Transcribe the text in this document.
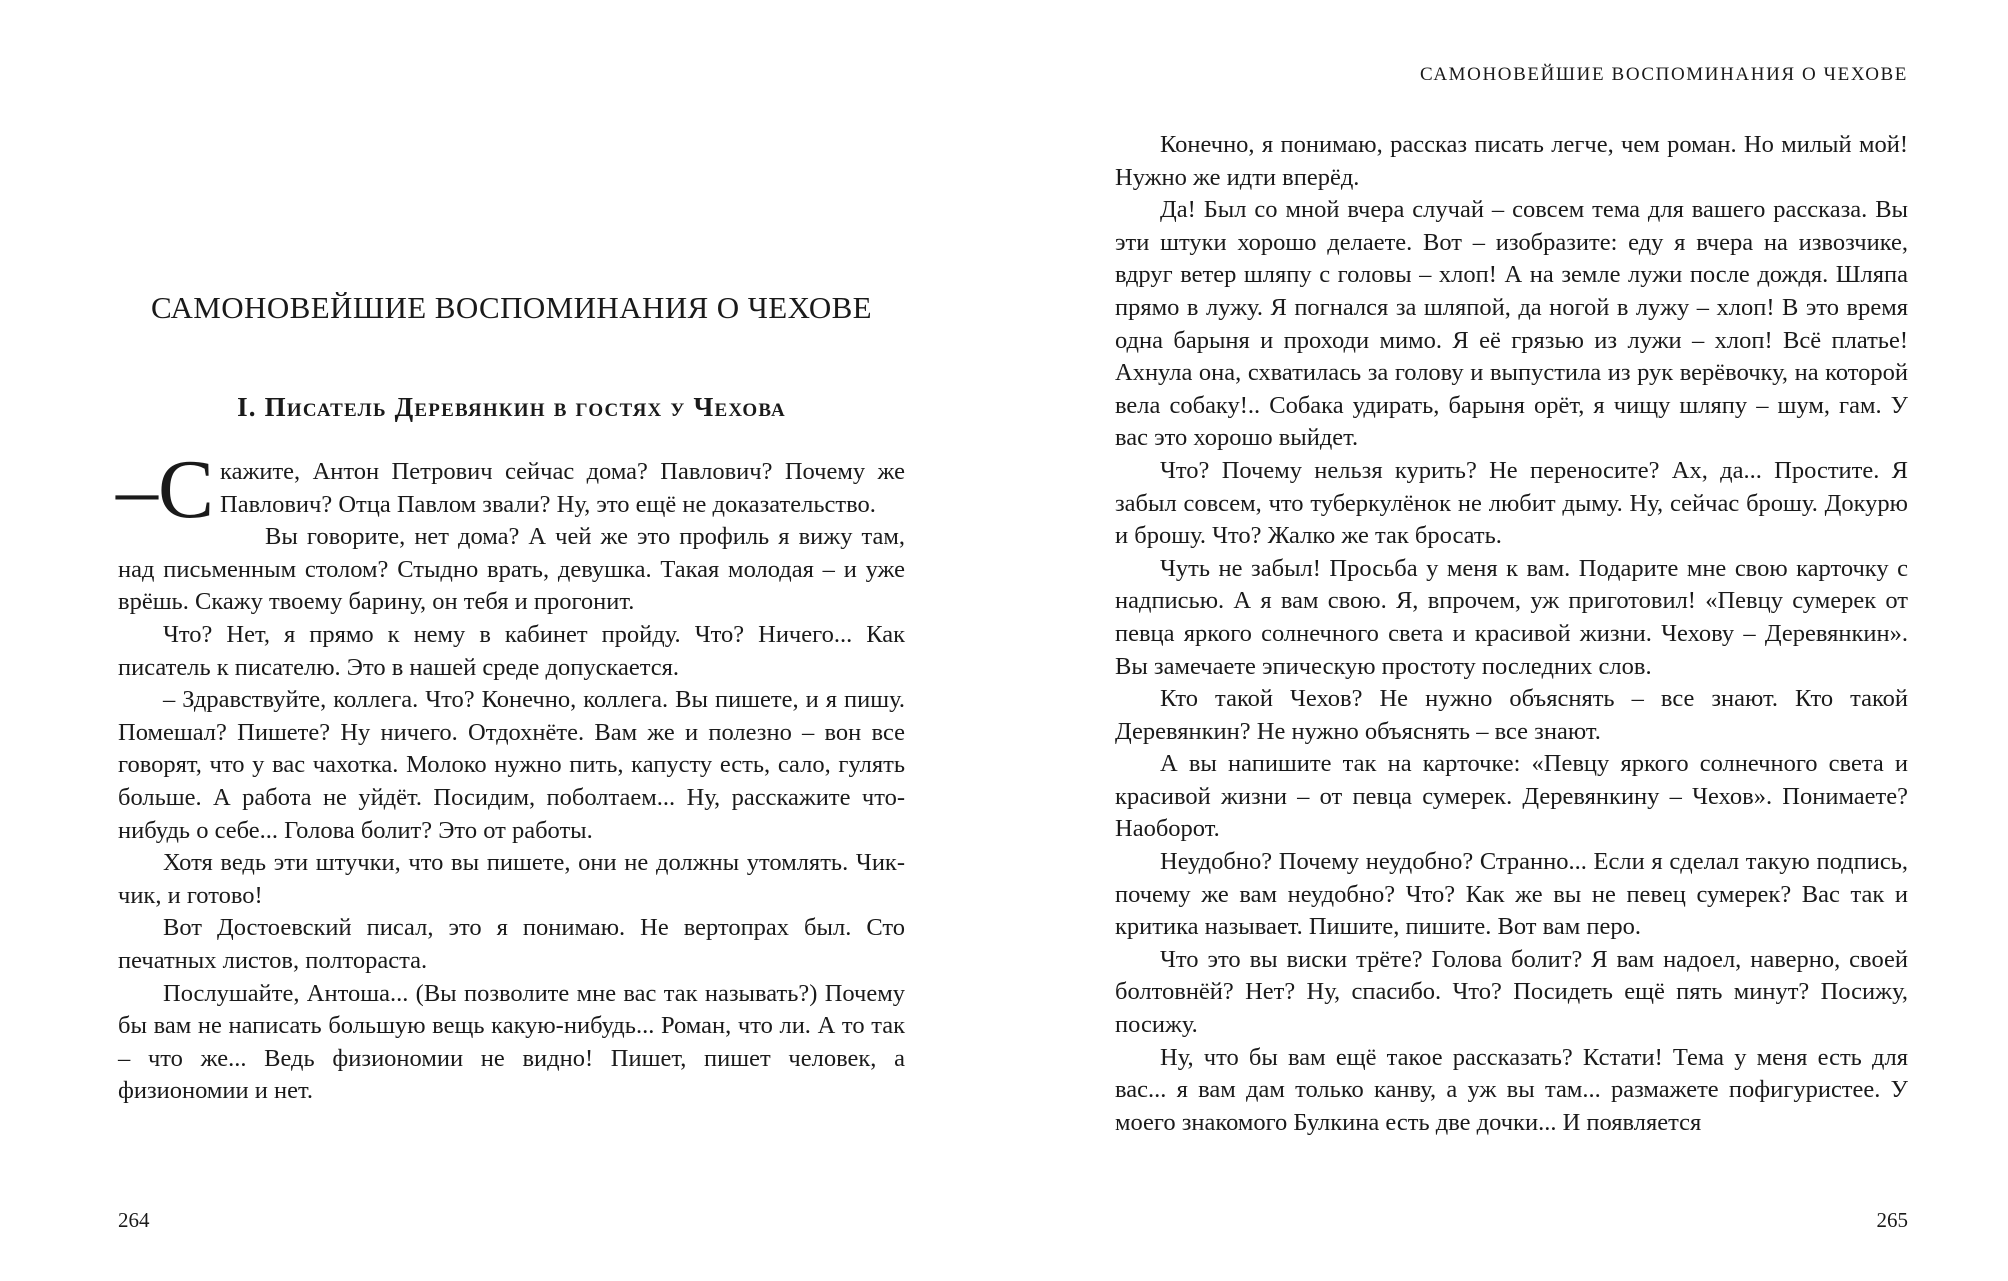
САМОНОВЕЙШИЕ ВОСПОМИНАНИЯ О ЧЕХОВЕ
I. Писатель Деревянкин в гостях у Чехова

–С кажите, Антон Петрович сейчас дома? Павлович? Почему же Павлович? Отца Павлом звали? Ну, это ещё не доказательство.

Вы говорите, нет дома? А чей же это профиль я вижу там, над письменным столом? Стыдно врать, девушка. Такая молодая – и уже врёшь. Скажу твоему барину, он тебя и прогонит.

Что? Нет, я прямо к нему в кабинет пройду. Что? Ничего... Как писатель к писателю. Это в нашей среде допускается.

– Здравствуйте, коллега. Что? Конечно, коллега. Вы пишете, и я пишу. Помешал? Пишете? Ну ничего. Отдохнёте. Вам же и полезно – вон все говорят, что у вас чахотка. Молоко нужно пить, капусту есть, сало, гулять больше. А работа не уйдёт. Посидим, поболтаем... Ну, расскажите что-нибудь о себе... Голова болит? Это от работы.

Хотя ведь эти штучки, что вы пишете, они не должны утомлять. Чик-чик, и готово!

Вот Достоевский писал, это я понимаю. Не вертопрах был. Сто печатных листов, полтораста.

Послушайте, Антоша... (Вы позволите мне вас так называть?) Почему бы вам не написать большую вещь какую-нибудь... Роман, что ли. А то так – что же... Ведь физиономии не видно! Пишет, пишет человек, а физиономии и нет.

264
САМОНОВЕЙШИЕ ВОСПОМИНАНИЯ О ЧЕХОВЕ

Конечно, я понимаю, рассказ писать легче, чем роман. Но милый мой! Нужно же идти вперёд.

Да! Был со мной вчера случай – совсем тема для вашего рассказа. Вы эти штуки хорошо делаете. Вот – изобразите: еду я вчера на извозчике, вдруг ветер шляпу с головы – хлоп! А на земле лужи после дождя. Шляпа прямо в лужу. Я погнался за шляпой, да ногой в лужу – хлоп! В это время одна барыня и проходи мимо. Я её грязью из лужи – хлоп! Всё платье! Ахнула она, схватилась за голову и выпустила из рук верёвочку, на которой вела собаку!.. Собака удирать, барыня орёт, я чищу шляпу – шум, гам. У вас это хорошо выйдет.

Что? Почему нельзя курить? Не переносите? Ах, да... Простите. Я забыл совсем, что туберкулёнок не любит дыму. Ну, сейчас брошу. Докурю и брошу. Что? Жалко же так бросать.

Чуть не забыл! Просьба у меня к вам. Подарите мне свою карточку с надписью. А я вам свою. Я, впрочем, уж приготовил! «Певцу сумерек от певца яркого солнечного света и красивой жизни. Чехову – Деревянкин». Вы замечаете эпическую простоту последних слов.

Кто такой Чехов? Не нужно объяснять – все знают. Кто такой Деревянкин? Не нужно объяснять – все знают.

А вы напишите так на карточке: «Певцу яркого солнечного света и красивой жизни – от певца сумерек. Деревянкину – Чехов». Понимаете? Наоборот.

Неудобно? Почему неудобно? Странно... Если я сделал такую подпись, почему же вам неудобно? Что? Как же вы не певец сумерек? Вас так и критика называет. Пишите, пишите. Вот вам перо.

Что это вы виски трёте? Голова болит? Я вам надоел, наверно, своей болтовнёй? Нет? Ну, спасибо. Что? Посидеть ещё пять минут? Посижу, посижу.

Ну, что бы вам ещё такое рассказать? Кстати! Тема у меня есть для вас... я вам дам только канву, а уж вы там... размажете пофигуристее. У моего знакомого Булкина есть две дочки... И появляется

265
